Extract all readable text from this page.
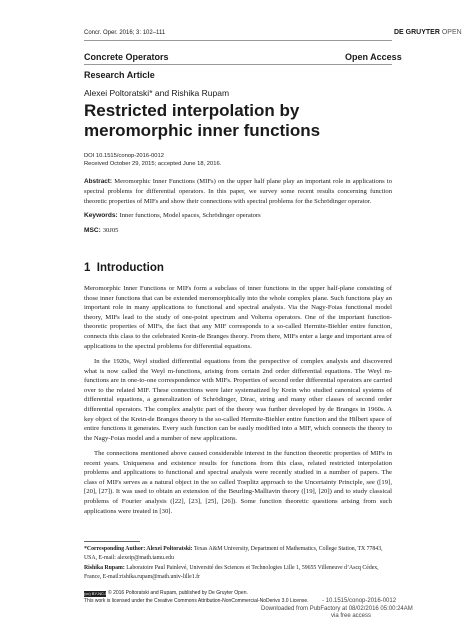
Concr. Oper. 2016; 3: 102–111	DE GRUYTER OPEN
Concrete Operators	Open Access
Research Article
Alexei Poltoratski* and Rishika Rupam
Restricted interpolation by meromorphic inner functions
DOI 10.1515/conop-2016-0012
Received October 29, 2015; accepted June 18, 2016.
Abstract: Meromorphic Inner Functions (MIFs) on the upper half plane play an important role in applications to spectral problems for differential operators. In this paper, we survey some recent results concerning function theoretic properties of MIFs and show their connections with spectral problems for the Schrödinger operator.
Keywords: Inner functions, Model spaces, Schrödinger operators
MSC: 30J05
1 Introduction
Meromorphic Inner Functions or MIFs form a subclass of inner functions in the upper half-plane consisting of those inner functions that can be extended meromorphically into the whole complex plane. Such functions play an important role in many applications to functional and spectral analysis. Via the Nagy-Foias functional model theory, MIFs lead to the study of one-point spectrum and Volterra operators. One of the important function-theoretic properties of MIFs, the fact that any MIF corresponds to a so-called Hermite-Biehler entire function, connects this class to the celebrated Krein-de Branges theory. From there, MIFs enter a large and important area of applications to the spectral problems for differential equations.
In the 1920s, Weyl studied differential equations from the perspective of complex analysis and discovered what is now called the Weyl m-functions, arising from certain 2nd order differential equations. The Weyl m-functions are in one-to-one correspondence with MIFs. Properties of second order differential operators are carried over to the related MIF. These connections were later systematized by Krein who studied canonical systems of differential equations, a generalization of Schrödinger, Dirac, string and many other classes of second order differential operators. The complex analytic part of the theory was further developed by de Branges in 1960s. A key object of the Krein-de Branges theory is the so-called Hermite-Biehler entire function and the Hilbert space of entire functions it generates. Every such function can be easily modified into a MIF, which connects the theory to the Nagy-Foias model and a number of new applications.
The connections mentioned above caused considerable interest in the function theoretic properties of MIFs in recent years. Uniqueness and existence results for functions from this class, related restricted interpolation problems and applications to functional and spectral analysis were recently studied in a number of papers. The class of MIFs serves as a natural object in the so called Toeplitz approach to the Uncertainty Principle, see ([19], [20], [27]). It was used to obtain an extension of the Beurling-Malliavin theory ([19], [20]) and to study classical problems of Fourier analysis ([22], [23], [25], [26]). Some function theoretic questions arising from such applications were treated in [30].
*Corresponding Author: Alexei Poltoratski: Texas A&M University, Department of Mathematics, College Station, TX 77843, USA, E-mail: alexeip@math.tamu.edu
Rishika Rupam: Laboratoire Paul Painlevé, Université des Sciences et Technologies Lille 1, 59655 Villeneuve d’Ascq Cédex, France, E-mail:rishika.rupam@math.univ-lille1.fr
(cc) BY-NC-ND
© 2016 Poltoratski and Rupam, published by De Gruyter Open.
This work is licensed under the Creative Commons Attribution-NonCommercial-NoDerivs 3.0 License. - 10.1515/conop-2016-0012
Downloaded from PubFactory at 08/02/2016 05:00:24AM
via free access
